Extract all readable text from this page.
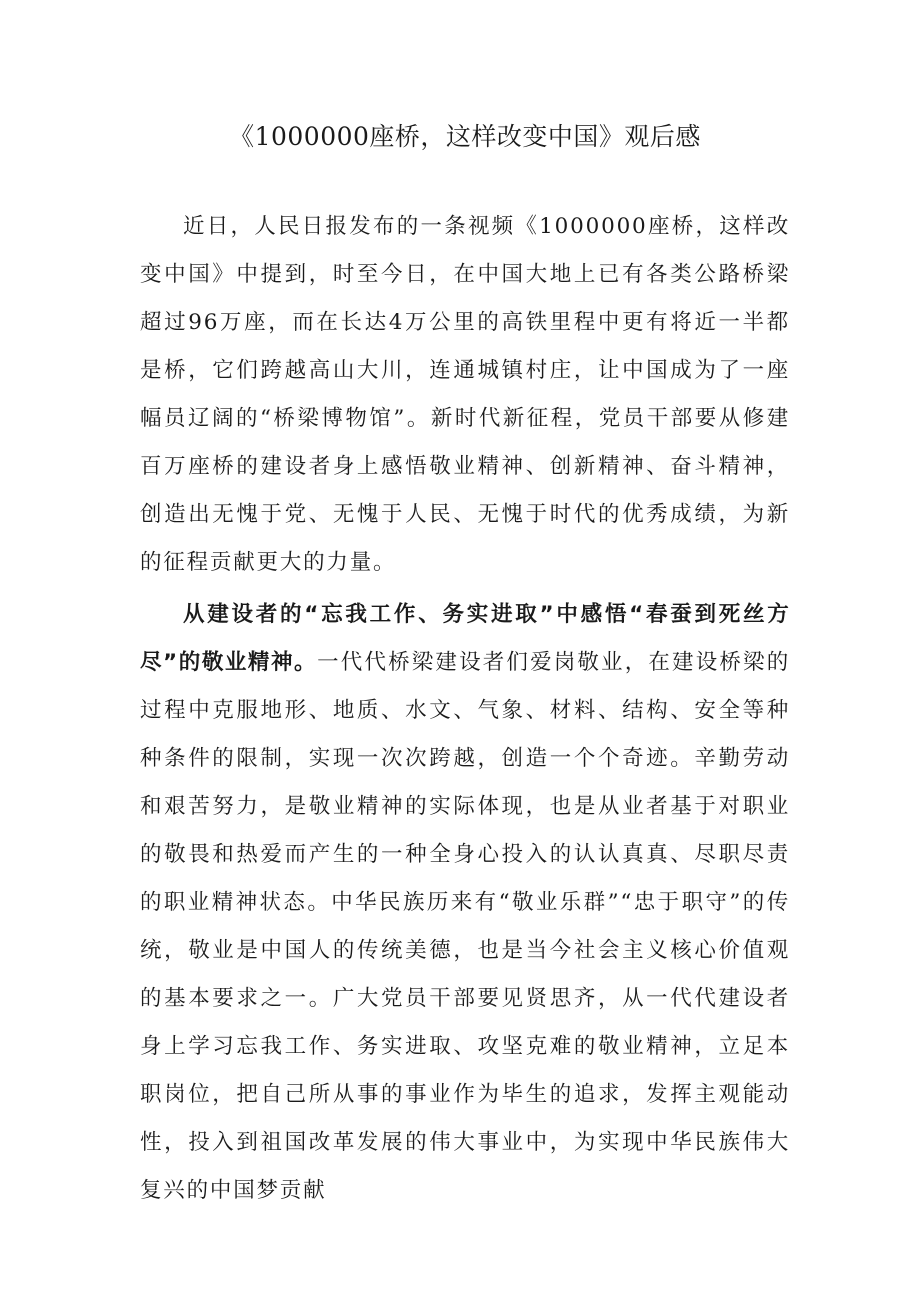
《1000000座桥，这样改变中国》观后感

近日，人民日报发布的一条视频《1000000座桥，这样改变中国》中提到，时至今日，在中国大地上已有各类公路桥梁超过96万座，而在长达4万公里的高铁里程中更有将近一半都是桥，它们跨越高山大川，连通城镇村庄，让中国成为了一座幅员辽阔的“桥梁博物馆”。新时代新征程，党员干部要从修建百万座桥的建设者身上感悟敬业精神、创新精神、奋斗精神，创造出无愧于党、无愧于人民、无愧于时代的优秀成绩，为新的征程贡献更大的力量。

从建设者的“忘我工作、务实进取”中感悟“春蚕到死丝方尽”的敬业精神。一代代桥梁建设者们爱岗敬业，在建设桥梁的过程中克服地形、地质、水文、气象、材料、结构、安全等种种条件的限制，实现一次次跨越，创造一个个奇迹。辛勤劳动和艰苦努力，是敬业精神的实际体现，也是从业者基于对职业的敬畏和热爱而产生的一种全身心投入的认认真真、尽职尽责的职业精神状态。中华民族历来有“敬业乐群”“忠于职守”的传统，敬业是中国人的传统美德，也是当今社会主义核心价值观的基本要求之一。广大党员干部要见贤思齐，从一代代建设者身上学习忘我工作、务实进取、攻坚克难的敬业精神，立足本职岗位，把自己所从事的事业作为毕生的追求，发挥主观能动性，投入到祖国改革发展的伟大事业中，为实现中华民族伟大复兴的中国梦贡献
